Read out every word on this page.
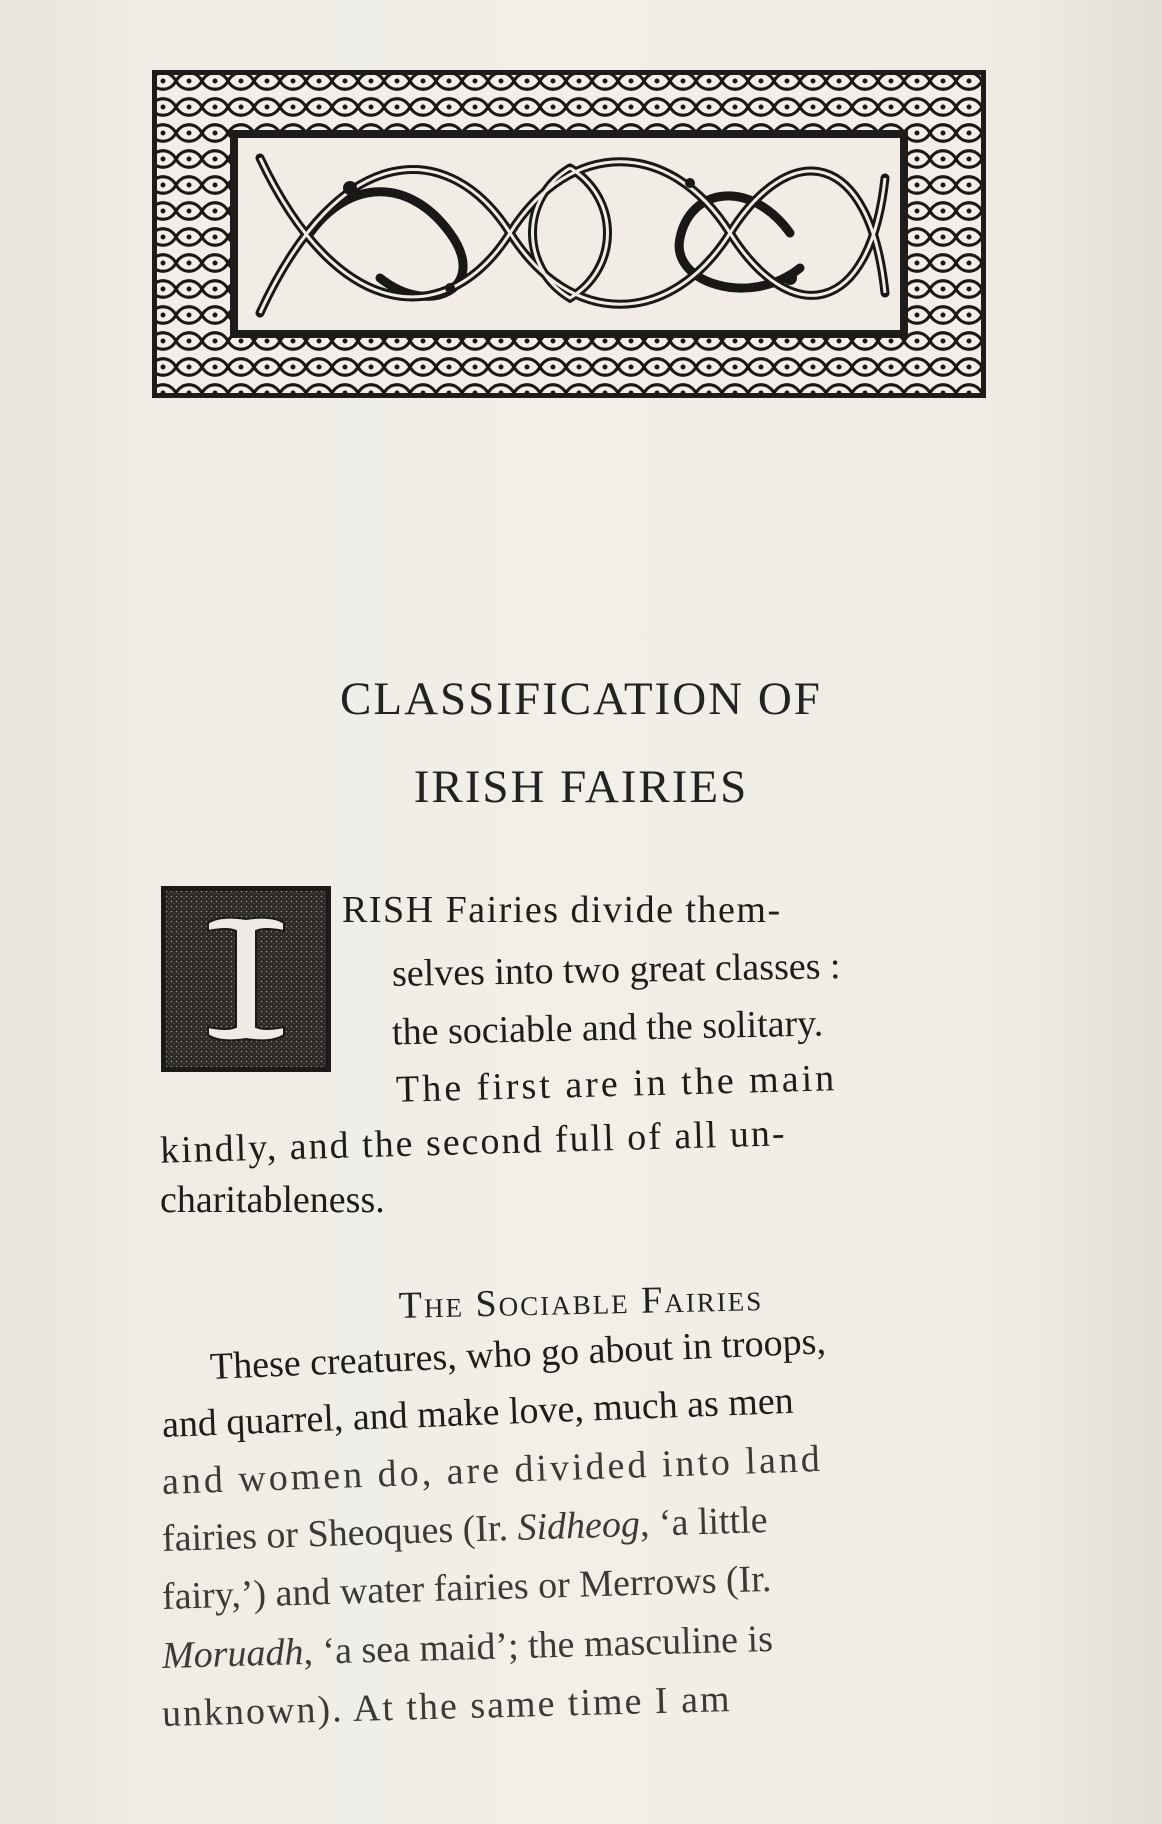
CLASSIFICATION OF
IRISH FAIRIES

RISH Fairies divide them-

selves into two great classes :

the sociable and the solitary.

The first are in the main

kindly, and the second full of all un-

charitableness.

The Sociable Fairies

These creatures, who go about in troops,

and quarrel, and make love, much as men

and women do, are divided into land

fairies or Sheoques (Ir. Sidheog, ‘a little

fairy,’) and water fairies or Merrows (Ir.

Moruadh, ‘a sea maid’; the masculine is

unknown). At the same time I am
